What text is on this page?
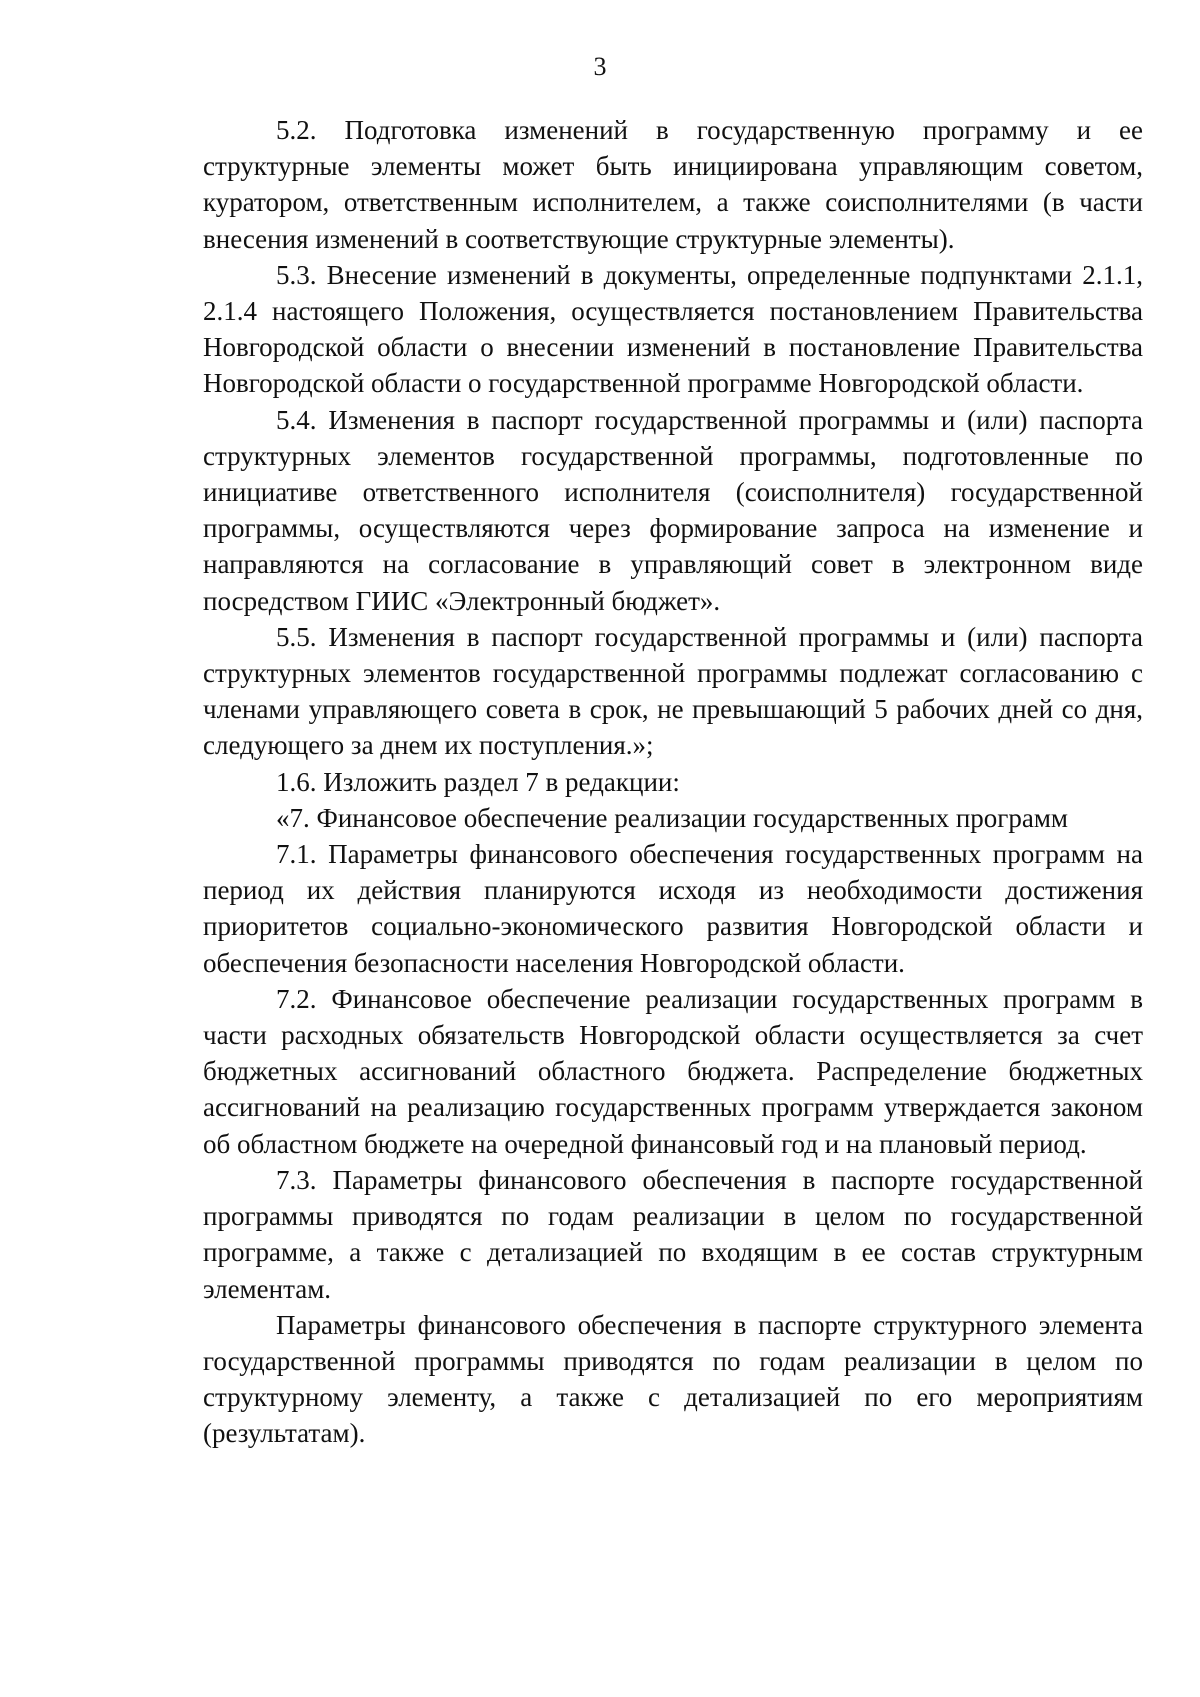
3

5.2. Подготовка изменений в государственную программу и ее структурные элементы может быть инициирована управляющим советом, куратором, ответственным исполнителем, а также соисполнителями (в части внесения изменений в соответствующие структурные элементы).

5.3. Внесение изменений в документы, определенные подпунктами 2.1.1, 2.1.4 настоящего Положения, осуществляется постановлением Правительства Новгородской области о внесении изменений в постановление Правительства Новгородской области о государственной программе Новгородской области.

5.4. Изменения в паспорт государственной программы и (или) паспорта структурных элементов государственной программы, подготовленные по инициативе ответственного исполнителя (соисполнителя) государственной программы, осуществляются через формирование запроса на изменение и направляются на согласование в управляющий совет в электронном виде посредством ГИИС «Электронный бюджет».

5.5. Изменения в паспорт государственной программы и (или) паспорта структурных элементов государственной программы подлежат согласованию с членами управляющего совета в срок, не превышающий 5 рабочих дней со дня, следующего за днем их поступления.»;

1.6. Изложить раздел 7 в редакции:

«7. Финансовое обеспечение реализации государственных программ

7.1. Параметры финансового обеспечения государственных программ на период их действия планируются исходя из необходимости достижения приоритетов социально-экономического развития Новгородской области и обеспечения безопасности населения Новгородской области.

7.2. Финансовое обеспечение реализации государственных программ в части расходных обязательств Новгородской области осуществляется за счет бюджетных ассигнований областного бюджета. Распределение бюджетных ассигнований на реализацию государственных программ утверждается законом об областном бюджете на очередной финансовый год и на плановый период.

7.3. Параметры финансового обеспечения в паспорте государственной программы приводятся по годам реализации в целом по государственной программе, а также с детализацией по входящим в ее состав структурным элементам.

Параметры финансового обеспечения в паспорте структурного элемента государственной программы приводятся по годам реализации в целом по структурному элементу, а также с детализацией по его мероприятиям (результатам).
